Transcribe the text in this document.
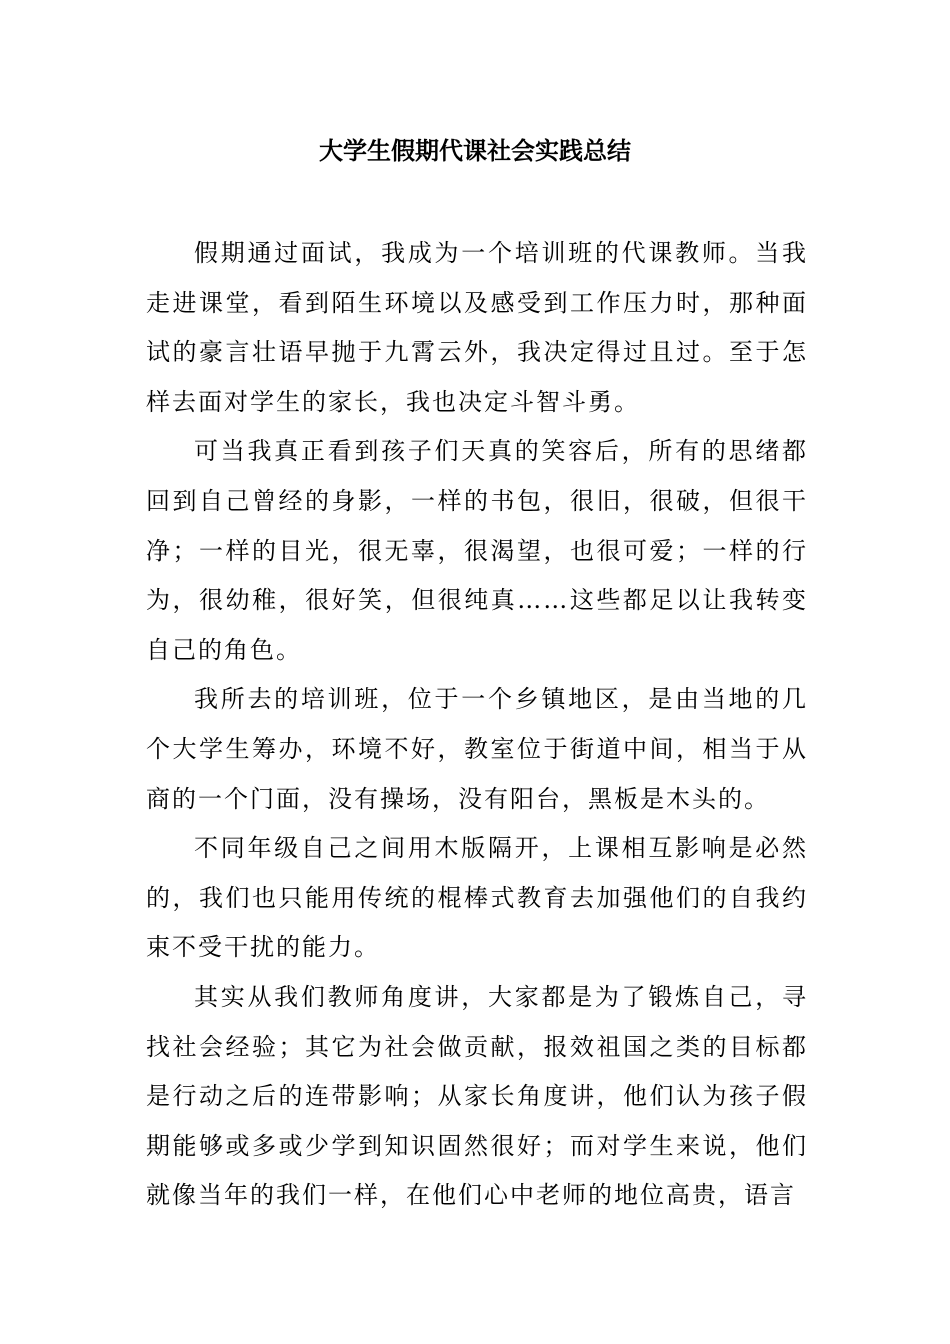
大学生假期代课社会实践总结

假期通过面试，我成为一个培训班的代课教师。当我走进课堂，看到陌生环境以及感受到工作压力时，那种面试的豪言壮语早抛于九霄云外，我决定得过且过。至于怎样去面对学生的家长，我也决定斗智斗勇。

可当我真正看到孩子们天真的笑容后，所有的思绪都回到自己曾经的身影，一样的书包，很旧，很破，但很干净；一样的目光，很无辜，很渴望，也很可爱；一样的行为，很幼稚，很好笑，但很纯真……这些都足以让我转变自己的角色。

我所去的培训班，位于一个乡镇地区，是由当地的几个大学生筹办，环境不好，教室位于街道中间，相当于从商的一个门面，没有操场，没有阳台，黑板是木头的。

不同年级自己之间用木版隔开，上课相互影响是必然的，我们也只能用传统的棍棒式教育去加强他们的自我约束不受干扰的能力。

其实从我们教师角度讲，大家都是为了锻炼自己，寻找社会经验；其它为社会做贡献，报效祖国之类的目标都是行动之后的连带影响；从家长角度讲，他们认为孩子假期能够或多或少学到知识固然很好；而对学生来说，他们就像当年的我们一样，在他们心中老师的地位高贵，语言
